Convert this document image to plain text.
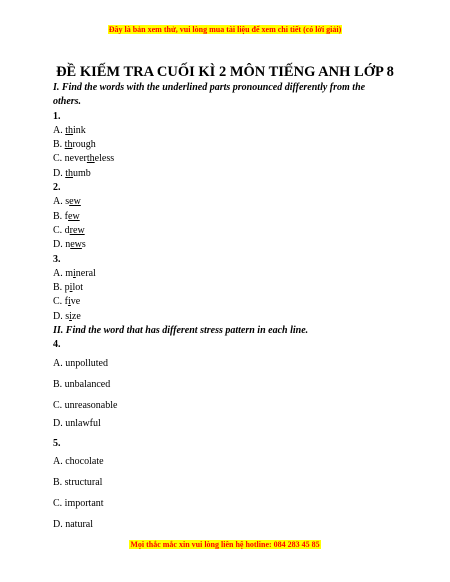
Đây là bản xem thử, vui lòng mua tài liệu để xem chi tiết (có lời giải)
ĐỀ KIẾM TRA CUỐI KÌ 2 MÔN TIẾNG ANH LỚP 8
I. Find the words with the underlined parts pronounced differently from the
others.
1.
A. think
B. through
C. nevertheless
D. thumb
2.
A. sew
B. few
C. drew
D. news
3.
A. mineral
B. pilot
C. five
D. size
II. Find the word that has different stress pattern in each line.
4.
A. unpolluted
B. unbalanced
C. unreasonable
D. unlawful
5.
A. chocolate
B. structural
C. important
D. natural
Mọi thắc mắc xin vui lòng liên hệ hotline: 084 283 45 85
